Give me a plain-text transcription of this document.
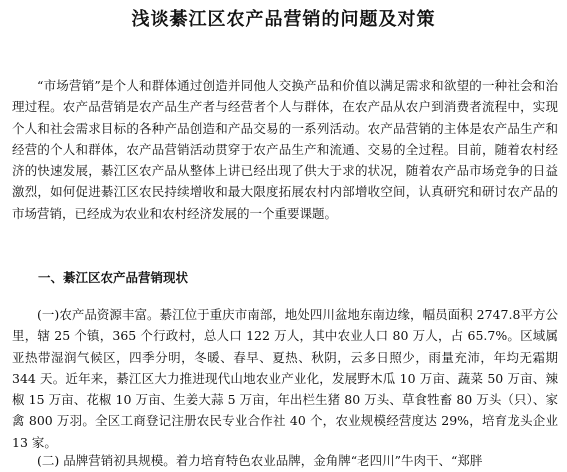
浅谈綦江区农产品营销的问题及对策

“市场营销”是个人和群体通过创造并同他人交换产品和价值以满足需求和欲望的一种社会和治理过程。农产品营销是农产品生产者与经营者个人与群体，在农产品从农户到消费者流程中，实现个人和社会需求目标的各种产品创造和产品交易的一系列活动。农产品营销的主体是农产品生产和经营的个人和群体，农产品营销活动贯穿于农产品生产和流通、交易的全过程。目前，随着农村经济的快速发展，綦江区农产品从整体上讲已经出现了供大于求的状况，随着农产品市场竞争的日益激烈，如何促进綦江区农民持续增收和最大限度拓展农村内部增收空间，认真研究和研讨农产品的市场营销，已经成为农业和农村经济发展的一个重要课题。

一、綦江区农产品营销现状

(一)农产品资源丰富。綦江位于重庆市南部，地处四川盆地东南边缘，幅员面积 2747.8平方公里，辖 25 个镇，365 个行政村，总人口 122 万人，其中农业人口 80 万人，占 65.7%。区域属亚热带湿润气候区，四季分明，冬暖、春早、夏热、秋阴，云多日照少，雨量充沛，年均无霜期 344 天。近年来，綦江区大力推进现代山地农业产业化，发展野木瓜 10 万亩、蔬菜 50 万亩、辣椒 15 万亩、花椒 10 万亩、生姜大蒜 5 万亩，年出栏生猪 80 万头、草食牲畜 80 万头（只）、家禽 800 万羽。全区工商登记注册农民专业合作社 40 个，农业规模经营度达 29%，培育龙头企业 13 家。

(二) 品牌营销初具规模。着力培育特色农业品牌，金角牌“老四川”牛肉干、“郑胖
